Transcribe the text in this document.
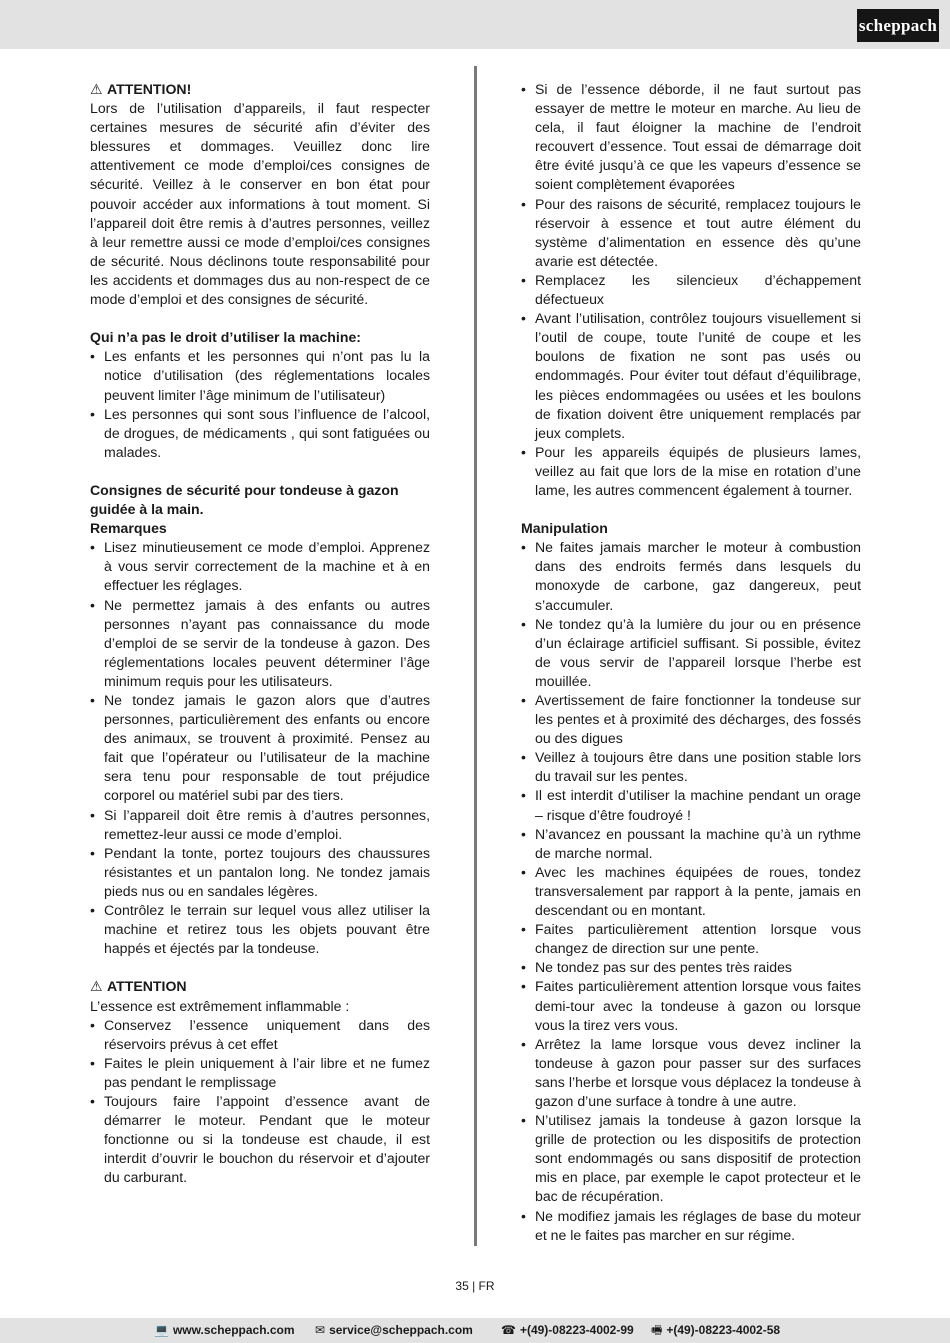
scheppach

⚠ ATTENTION!

Lors de l’utilisation d’appareils, il faut respecter certaines mesures de sécurité afin d’éviter des blessures et dommages. Veuillez donc lire attentivement ce mode d’emploi/ces consignes de sécurité. Veillez à le conserver en bon état pour pouvoir accéder aux informations à tout moment. Si l’appareil doit être remis à d’autres personnes, veillez à leur remettre aussi ce mode d’emploi/ces consignes de sécurité. Nous déclinons toute responsabilité pour les accidents et dommages dus au non-respect de ce mode d’emploi et des consignes de sécurité.

Qui n’a pas le droit d’utiliser la machine:

• Les enfants et les personnes qui n’ont pas lu la notice d’utilisation (des réglementations locales peuvent limiter l’âge minimum de l’utilisateur)
• Les personnes qui sont sous l’influence de l’alcool, de drogues, de médicaments , qui sont fatiguées ou malades.

Consignes de sécurité pour tondeuse à gazon guidée à la main.

Remarques

• Lisez minutieusement ce mode d’emploi. Apprenez à vous servir correctement de la machine et à en effectuer les réglages.
• Ne permettez jamais à des enfants ou autres personnes n’ayant pas connaissance du mode d’emploi de se servir de la tondeuse à gazon. Des réglementations locales peuvent déterminer l’âge minimum requis pour les utilisateurs.
• Ne tondez jamais le gazon alors que d’autres personnes, particulièrement des enfants ou encore des animaux, se trouvent à proximité. Pensez au fait que l’opérateur ou l’utilisateur de la machine sera tenu pour responsable de tout préjudice corporel ou matériel subi par des tiers.
• Si l’appareil doit être remis à d’autres personnes, remettez-leur aussi ce mode d’emploi.
• Pendant la tonte, portez toujours des chaussures résistantes et un pantalon long. Ne tondez jamais pieds nus ou en sandales légères.
• Contrôlez le terrain sur lequel vous allez utiliser la machine et retirez tous les objets pouvant être happés et éjectés par la tondeuse.

⚠ ATTENTION

L’essence est extrêmement inflammable :

• Conservez l’essence uniquement dans des réservoirs prévus à cet effet
• Faites le plein uniquement à l’air libre et ne fumez pas pendant le remplissage
• Toujours faire l’appoint d’essence avant de démarrer le moteur. Pendant que le moteur fonctionne ou si la tondeuse est chaude, il est interdit d’ouvrir le bouchon du réservoir et d’ajouter du carburant.
• Si de l’essence déborde, il ne faut surtout pas essayer de mettre le moteur en marche. Au lieu de cela, il faut éloigner la machine de l’endroit recouvert d’essence. Tout essai de démarrage doit être évité jusqu’à ce que les vapeurs d’essence se soient complètement évaporées
• Pour des raisons de sécurité, remplacez toujours le réservoir à essence et tout autre élément du système d’alimentation en essence dès qu’une avarie est détectée.
• Remplacez les silencieux d’échappement défectueux
• Avant l’utilisation, contrôlez toujours visuellement si l’outil de coupe, toute l’unité de coupe et les boulons de fixation ne sont pas usés ou endommagés. Pour éviter tout défaut d’équilibrage, les pièces endommagées ou usées et les boulons de fixation doivent être uniquement remplacés par jeux complets.
• Pour les appareils équipés de plusieurs lames, veillez au fait que lors de la mise en rotation d’une lame, les autres commencent également à tourner.

Manipulation

• Ne faites jamais marcher le moteur à combustion dans des endroits fermés dans lesquels du monoxyde de carbone, gaz dangereux, peut s’accumuler.
• Ne tondez qu’à la lumière du jour ou en présence d’un éclairage artificiel suffisant. Si possible, évitez de vous servir de l’appareil lorsque l’herbe est mouillée.
• Avertissement de faire fonctionner la tondeuse sur les pentes et à proximité des décharges, des fossés ou des digues
• Veillez à toujours être dans une position stable lors du travail sur les pentes.
• Il est interdit d’utiliser la machine pendant un orage – risque d’être foudroyé !
• N’avancez en poussant la machine qu’à un rythme de marche normal.
• Avec les machines équipées de roues, tondez transversalement par rapport à la pente, jamais en descendant ou en montant.
• Faites particulièrement attention lorsque vous changez de direction sur une pente.
• Ne tondez pas sur des pentes très raides
• Faites particulièrement attention lorsque vous faites demi-tour avec la tondeuse à gazon ou lorsque vous la tirez vers vous.
• Arrêtez la lame lorsque vous devez incliner la tondeuse à gazon pour passer sur des surfaces sans l’herbe et lorsque vous déplacez la tondeuse à gazon d’une surface à tondre à une autre.
• N’utilisez jamais la tondeuse à gazon lorsque la grille de protection ou les dispositifs de protection sont endommagés ou sans dispositif de protection mis en place, par exemple le capot protecteur et le bac de récupération.
• Ne modifiez jamais les réglages de base du moteur et ne le faites pas marcher en sur régime.
35 | FR
💻 www.scheppach.com ✉ service@scheppach.com ☎ +(49)-08223-4002-99 🖷 +(49)-08223-4002-58
